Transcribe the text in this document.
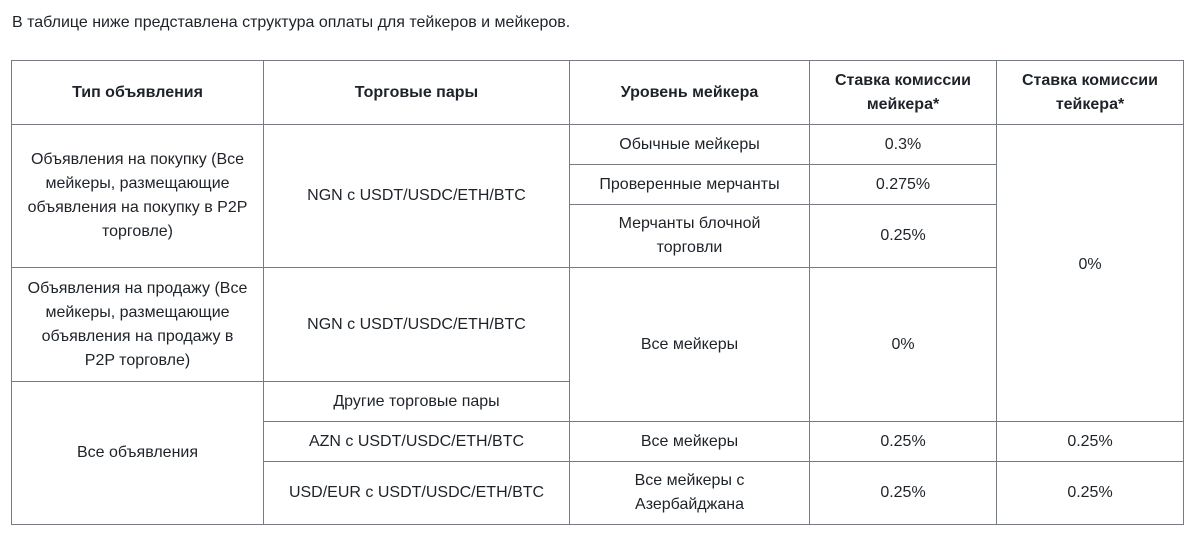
В таблице ниже представлена структура оплаты для тейкеров и мейкеров.
Тип объявления	Торговые пары	Уровень мейкера	Ставка комиссии мейкера*	Ставка комиссии тейкера*
Объявления на покупку (Все мейкеры, размещающие объявления на покупку в P2P торговле)	NGN с USDT/USDC/ETH/BTC	Обычные мейкеры	0.3%	0%
		Проверенные мерчанты	0.275%	
		Мерчанты блочной торговли	0.25%	
Объявления на продажу (Все мейкеры, размещающие объявления на продажу в P2P торговле)	NGN с USDT/USDC/ETH/BTC	Все мейкеры	0%	
Все объявления	Другие торговые пары			
	AZN с USDT/USDC/ETH/BTC	Все мейкеры	0.25%	0.25%
	USD/EUR с USDT/USDC/ETH/BTC	Все мейкеры с Азербайджана	0.25%	0.25%
